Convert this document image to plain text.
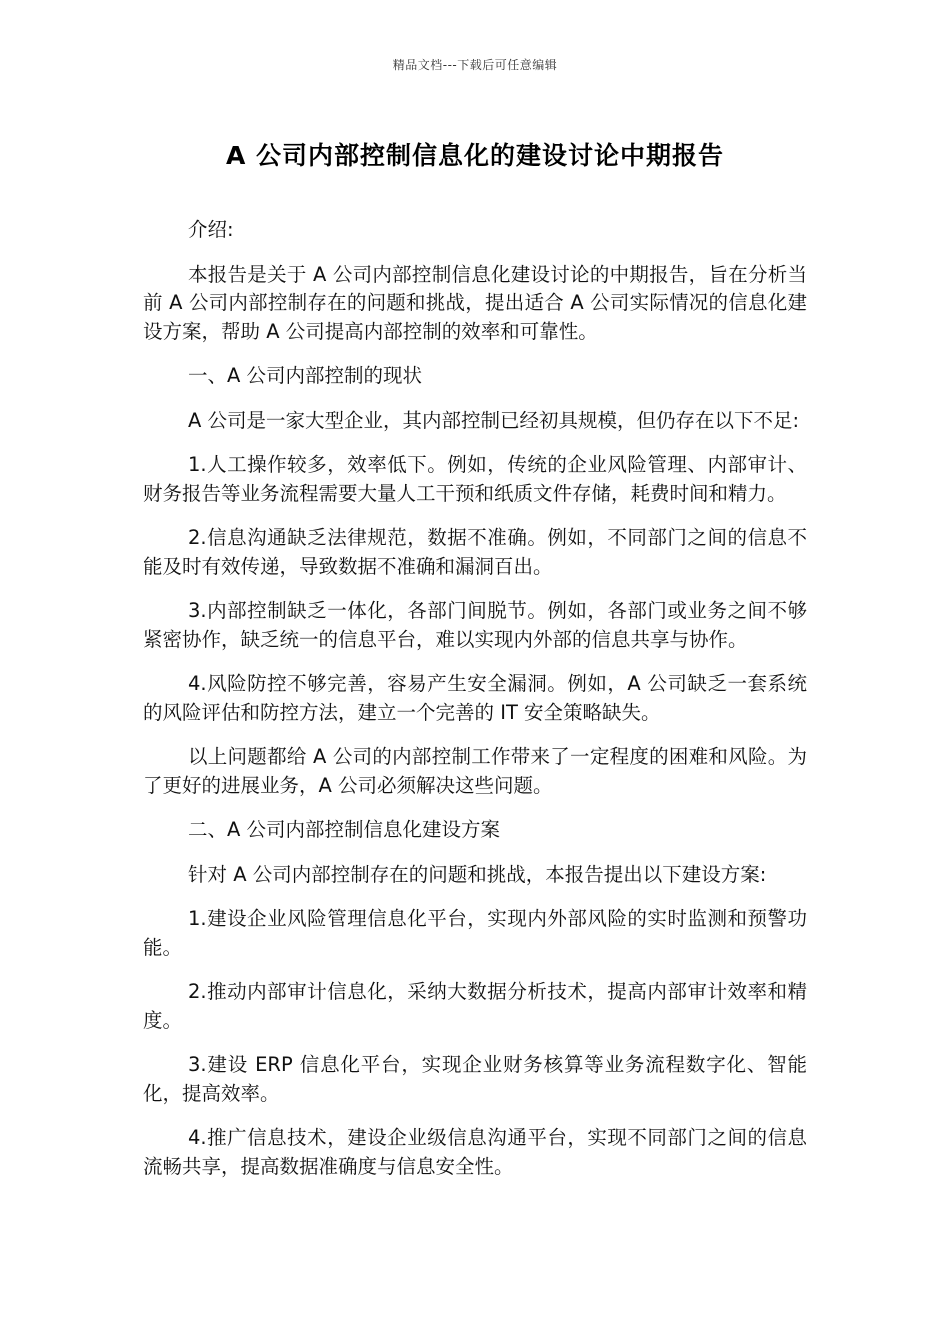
精品文档---下载后可任意编辑
A 公司内部控制信息化的建设讨论中期报告

介绍:

本报告是关于 A 公司内部控制信息化建设讨论的中期报告，旨在分析当前 A 公司内部控制存在的问题和挑战，提出适合 A 公司实际情况的信息化建设方案，帮助 A 公司提高内部控制的效率和可靠性。

一、A 公司内部控制的现状

A 公司是一家大型企业，其内部控制已经初具规模，但仍存在以下不足:

1.人工操作较多，效率低下。例如，传统的企业风险管理、内部审计、财务报告等业务流程需要大量人工干预和纸质文件存储，耗费时间和精力。

2.信息沟通缺乏法律规范，数据不准确。例如，不同部门之间的信息不能及时有效传递，导致数据不准确和漏洞百出。

3.内部控制缺乏一体化，各部门间脱节。例如，各部门或业务之间不够紧密协作，缺乏统一的信息平台，难以实现内外部的信息共享与协作。

4.风险防控不够完善，容易产生安全漏洞。例如，A 公司缺乏一套系统的风险评估和防控方法，建立一个完善的 IT 安全策略缺失。

以上问题都给 A 公司的内部控制工作带来了一定程度的困难和风险。为了更好的进展业务，A 公司必须解决这些问题。

二、A 公司内部控制信息化建设方案

针对 A 公司内部控制存在的问题和挑战，本报告提出以下建设方案:

1.建设企业风险管理信息化平台，实现内外部风险的实时监测和预警功能。

2.推动内部审计信息化，采纳大数据分析技术，提高内部审计效率和精度。

3.建设 ERP 信息化平台，实现企业财务核算等业务流程数字化、智能化，提高效率。

4.推广信息技术，建设企业级信息沟通平台，实现不同部门之间的信息流畅共享，提高数据准确度与信息安全性。
